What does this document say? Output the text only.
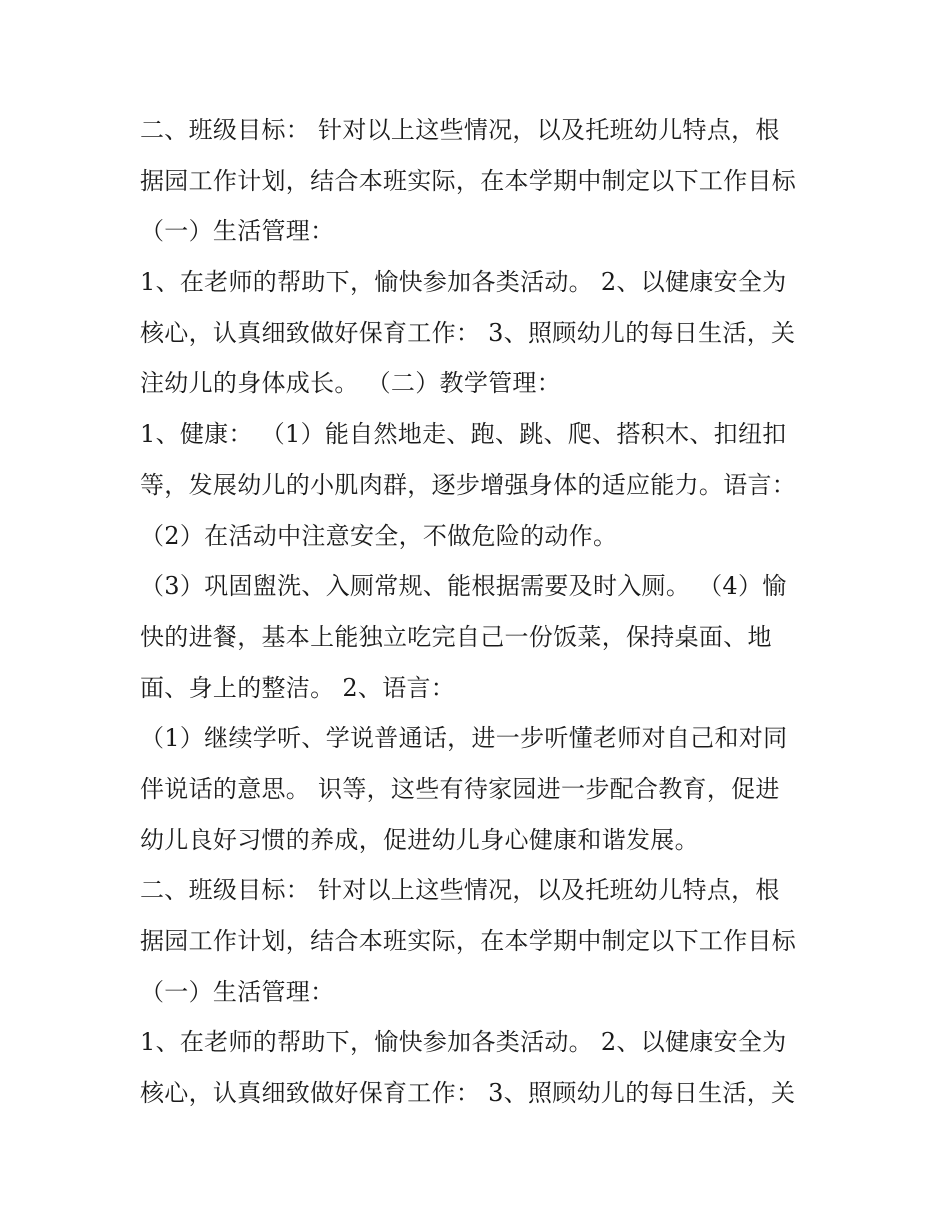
二、班级目标： 针对以上这些情况，以及托班幼儿特点，根
据园工作计划，结合本班实际，在本学期中制定以下工作目标
（一）生活管理：
1、在老师的帮助下，愉快参加各类活动。 2、以健康安全为
核心，认真细致做好保育工作： 3、照顾幼儿的每日生活，关
注幼儿的身体成长。 （二）教学管理：
1、健康： （1）能自然地走、跑、跳、爬、搭积木、扣纽扣
等，发展幼儿的小肌肉群，逐步增强身体的适应能力。语言：
（2）在活动中注意安全，不做危险的动作。
（3）巩固盥洗、入厕常规、能根据需要及时入厕。 （4）愉
快的进餐，基本上能独立吃完自己一份饭菜，保持桌面、地
面、身上的整洁。 2、语言：
（1）继续学听、学说普通话，进一步听懂老师对自己和对同
伴说话的意思。 识等，这些有待家园进一步配合教育，促进
幼儿良好习惯的养成，促进幼儿身心健康和谐发展。
二、班级目标： 针对以上这些情况，以及托班幼儿特点，根
据园工作计划，结合本班实际，在本学期中制定以下工作目标
（一）生活管理：
1、在老师的帮助下，愉快参加各类活动。 2、以健康安全为
核心，认真细致做好保育工作： 3、照顾幼儿的每日生活，关
